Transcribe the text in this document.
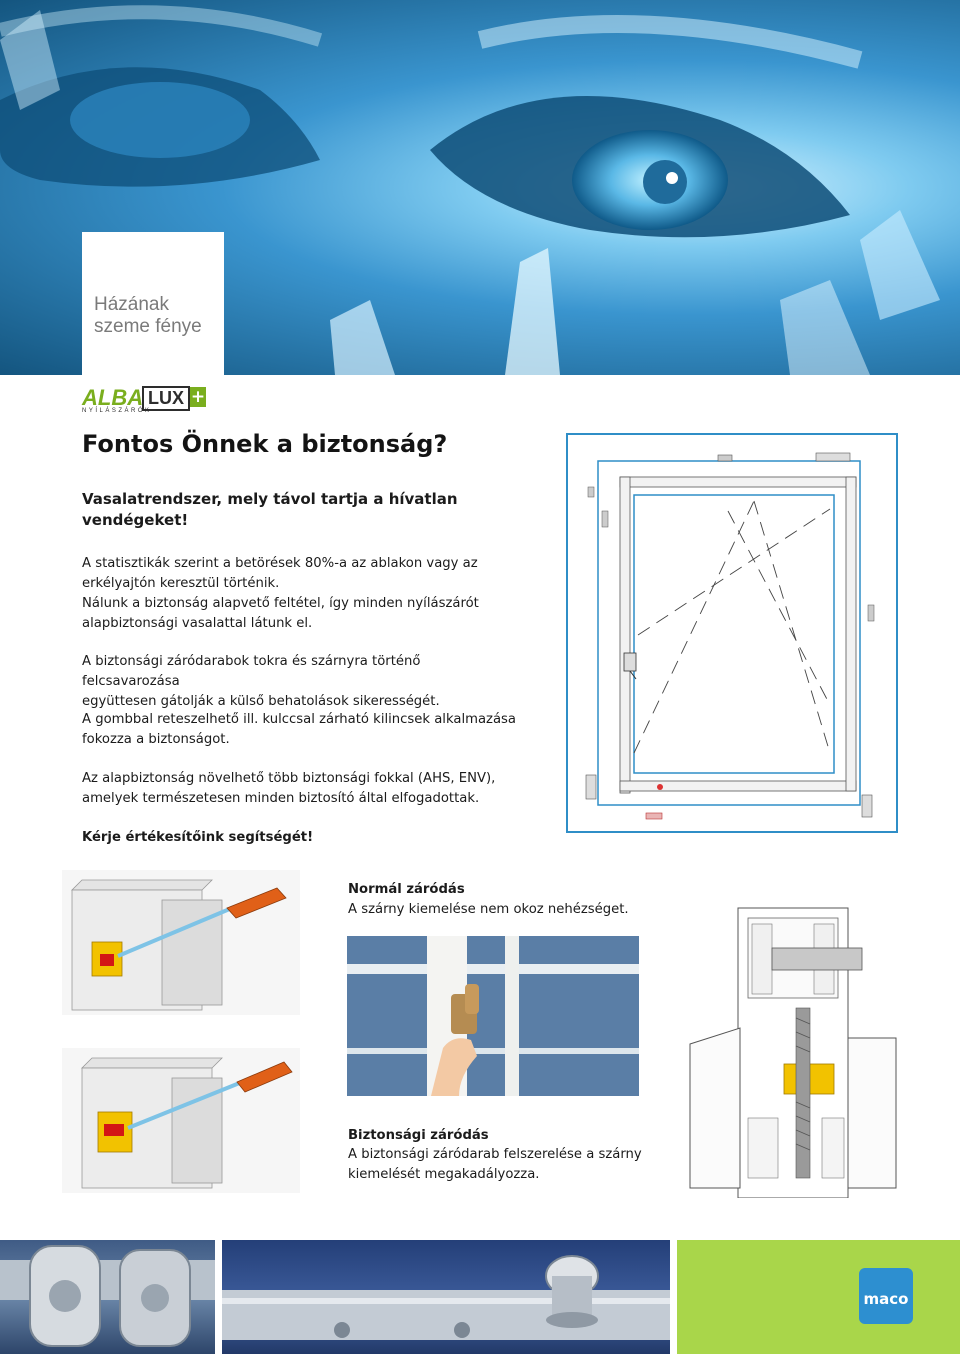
Házának
szeme fénye

ALBA LUX +
NYÍLÁSZÁRÓK
Fontos Önnek a biztonság?

Vasalatrendszer, mely távol tartja a hívatlan vendégeket!

A statisztikák szerint a betörések 80%-a az ablakon vagy az
erkélyajtón keresztül történik.
Nálunk a biztonság alapvető feltétel, így minden nyílászárót
alapbiztonsági vasalattal látunk el.

A biztonsági záródarabok tokra és szárnyra történő felcsavarozása
együttesen gátolják a külső behatolások sikerességét.

A gombbal reteszelhető ill. kulccsal zárható kilincsek alkalmazása
fokozza a biztonságot.

Az alapbiztonság növelhető több biztonsági fokkal (AHS, ENV),
amelyek természetesen minden biztosító által elfogadottak.

Kérje értékesítőink segítségét!

Normál záródás

A szárny kiemelése nem okoz nehézséget.

Biztonsági záródás

A biztonsági záródarab felszerelése a szárny
kiemelését megakadályozza.

maco
